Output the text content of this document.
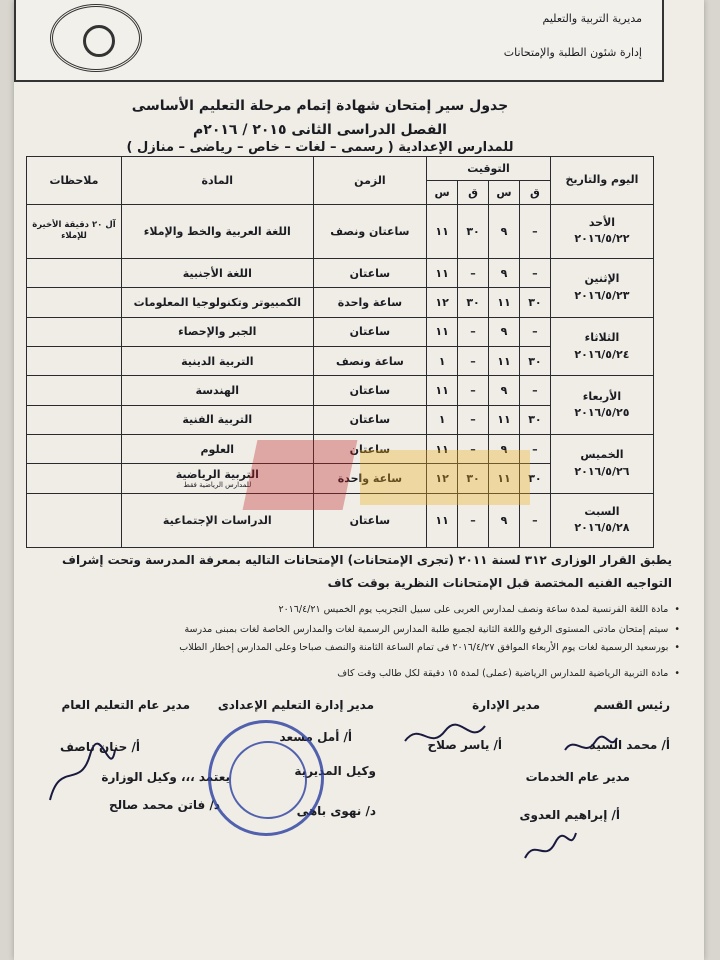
مديرية التربية والتعليم
إدارة شئون الطلبة والإمتحانات
جدول سير إمتحان شهادة إتمام مرحلة التعليم الأساسى
الفصل الدراسى الثانى ٢٠١٥ / ٢٠١٦م
للمدارس الإعدادية ( رسمى – لغات – خاص – رياضى – منازل )
اليوم والتاريخ	التوقيت				الزمن	المادة	ملاحظات
	ق	س	ق	س			
الأحد
٢٠١٦/٥/٢٢	–	٩	٣٠	١١	ساعتان ونصف	اللغة العربية والخط والإملاء	آل ٢٠ دقيقة الأخيرة للإملاء
الإثنين
٢٠١٦/٥/٢٣	–	٩	–	١١	ساعتان	اللغة الأجنبية	
	٣٠	١١	٣٠	١٢	ساعة واحدة	الكمبيوتر وتكنولوجيا المعلومات	
الثلاثاء
٢٠١٦/٥/٢٤	–	٩	–	١١	ساعتان	الجبر والإحصاء	
	٣٠	١١	–	١	ساعة ونصف	التربية الدينية	
الأربعاء
٢٠١٦/٥/٢٥	–	٩	–	١١	ساعتان	الهندسة	
	٣٠	١١	–	١	ساعتان	التربية الفنية	
الخميس
٢٠١٦/٥/٢٦	–	٩	–	١١	ساعتان	العلوم	
	٣٠	١١	٣٠	١٢	ساعة واحدة	التربية الرياضية
للمدارس الرياضية فقط	

السبت
٢٠١٦/٥/٢٨	–	٩	–	١١	ساعتان	الدراسات الإجتماعية	
يطبق القرار الوزارى ٣١٢ لسنة ٢٠١١ (تجرى الإمتحانات) الإمتحانات التاليه بمعرفة المدرسة وتحت إشراف
التواجيه الفنيه المختصة قبل الإمتحانات النظرية بوقت كاف
• مادة اللغة الفرنسية لمدة ساعة ونصف لمدارس العربى على سبيل التجريب يوم الخميس ٢٠١٦/٤/٢١
• سيتم إمتحان مادتى المستوى الرفيع واللغة الثانية لجميع طلبة المدارس الرسمية لغات والمدارس الخاصة لغات بمبنى مدرسة
• بورسعيد الرسمية لغات يوم الأربعاء الموافق ٢٠١٦/٤/٢٧ فى تمام الساعة الثامنة والنصف صباحا وعلى المدارس إخطار الطلاب
• مادة التربية الرياضية للمدارس الرياضية (عملى) لمدة ١٥ دقيقة لكل طالب وقت كاف
رئيس القسم
مدير الإدارة
مدير إدارة التعليم الإعدادى
مدير عام التعليم العام
أ/ محمد السيد
أ/ ياسر صلاح
أ/ أمل مسعد
أ/ حنان ناصف
مدير عام الخدمات
وكيل المديرية
يعتمد ،،، وكيل الوزارة
أ/ إبراهيم العدوى
د/ نهوى باهى
د/ فاتن محمد صالح
